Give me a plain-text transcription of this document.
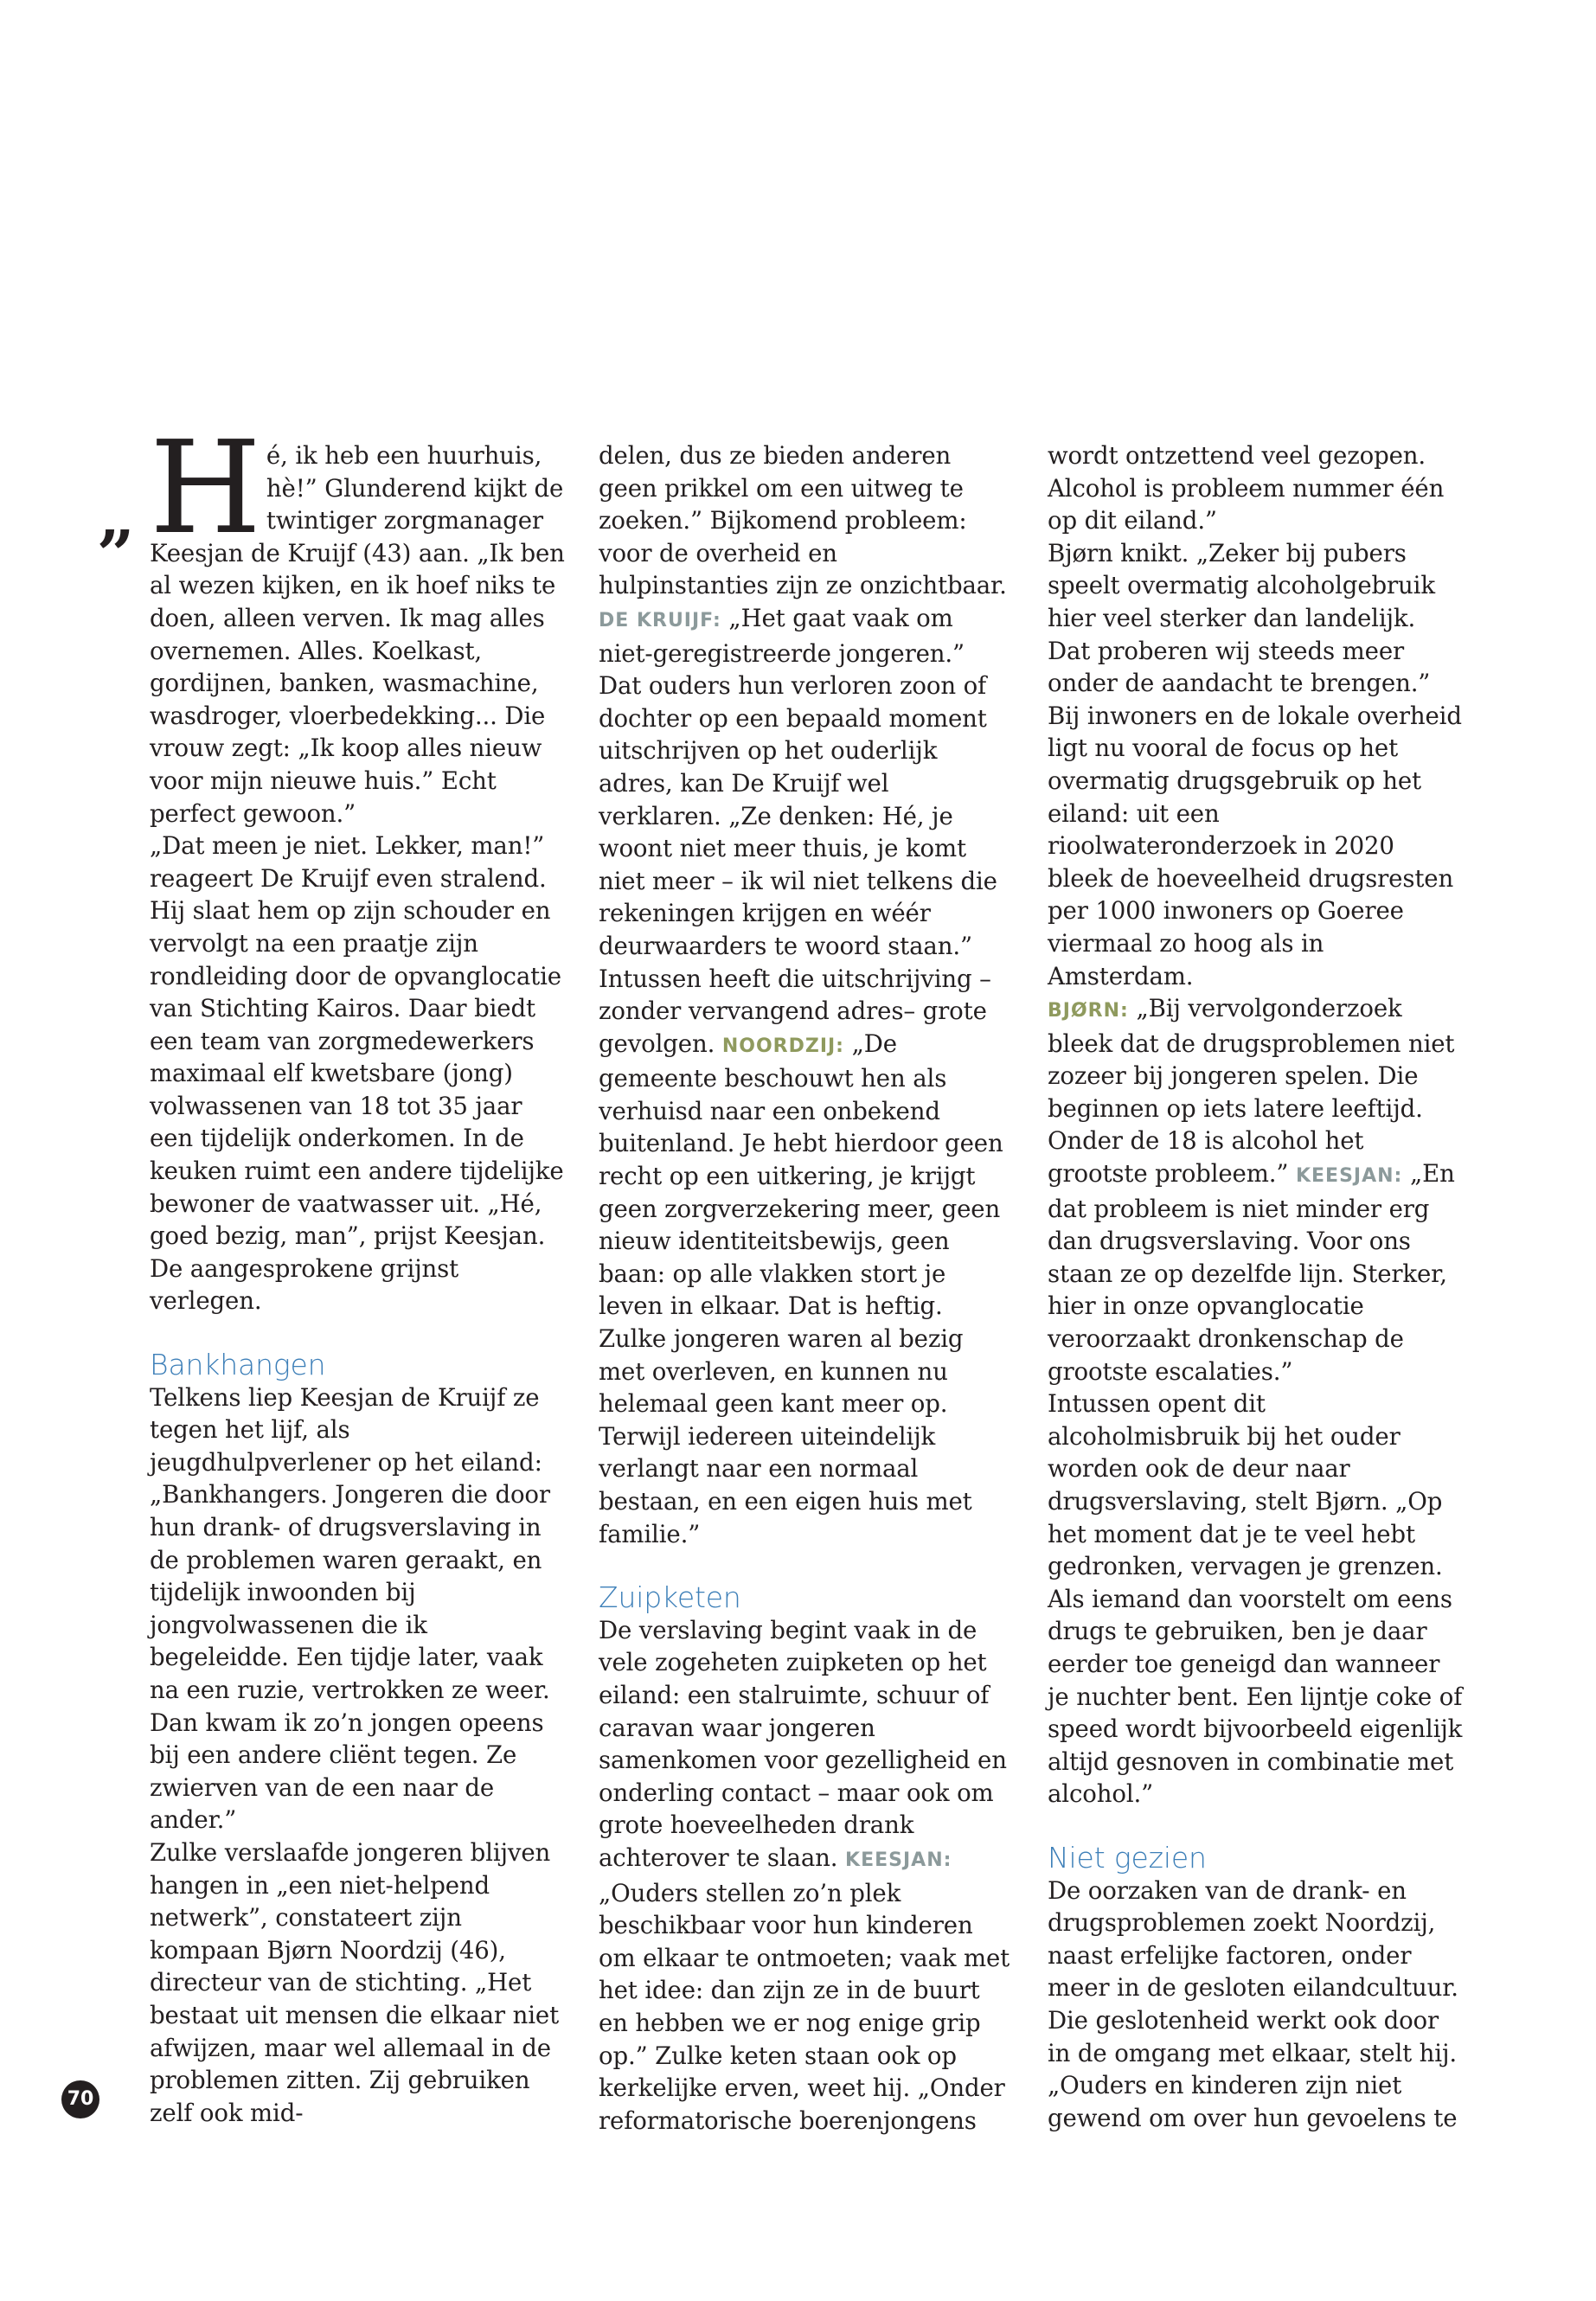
„ H é, ik heb een huurhuis, hè!” Glunderend kijkt de twintiger zorgmanager Keesjan de Kruijf (43) aan. „Ik ben al wezen kijken, en ik hoef niks te doen, alleen verven. Ik mag alles overnemen. Alles. Koelkast, gordijnen, banken, wasmachine, wasdroger, vloerbedekking... Die vrouw zegt: „Ik koop alles nieuw voor mijn nieuwe huis.” Echt perfect gewoon.”

„Dat meen je niet. Lekker, man!” reageert De Kruijf even stralend. Hij slaat hem op zijn schouder en vervolgt na een praatje zijn rondleiding door de opvanglocatie van Stichting Kairos. Daar biedt een team van zorgmedewerkers maximaal elf kwetsbare (jong) volwassenen van 18 tot 35 jaar een tijdelijk onderkomen. In de keuken ruimt een andere tijdelijke bewoner de vaatwasser uit. „Hé, goed bezig, man”, prijst Keesjan. De aangesprokene grijnst verlegen.

Bankhangen

Telkens liep Keesjan de Kruijf ze tegen het lijf, als jeugdhulpverlener op het eiland: „Bankhangers. Jongeren die door hun drank- of drugsverslaving in de problemen waren geraakt, en tijdelijk inwoonden bij jongvolwassenen die ik begeleidde. Een tijdje later, vaak na een ruzie, vertrokken ze weer. Dan kwam ik zo’n jongen opeens bij een andere cliënt tegen. Ze zwierven van de een naar de ander.”

Zulke verslaafde jongeren blijven hangen in „een niet-helpend netwerk”, constateert zijn kompaan Bjørn Noordzij (46), directeur van de stichting. „Het bestaat uit mensen die elkaar niet afwijzen, maar wel allemaal in de problemen zitten. Zij gebruiken zelf ook mid-

delen, dus ze bieden anderen geen prikkel om een uitweg te zoeken.” Bijkomend probleem: voor de overheid en hulpinstanties zijn ze onzichtbaar. DE KRUIJF: „Het gaat vaak om niet-geregistreerde jongeren.”

Dat ouders hun verloren zoon of dochter op een bepaald moment uitschrijven op het ouderlijk adres, kan De Kruijf wel verklaren. „Ze denken: Hé, je woont niet meer thuis, je komt niet meer – ik wil niet telkens die rekeningen krijgen en wéér deurwaarders te woord staan.”

Intussen heeft die uitschrijving –zonder vervangend adres– grote gevolgen. NOORDZIJ: „De gemeente beschouwt hen als verhuisd naar een onbekend buitenland. Je hebt hierdoor geen recht op een uitkering, je krijgt geen zorgverzekering meer, geen nieuw identiteitsbewijs, geen baan: op alle vlakken stort je leven in elkaar. Dat is heftig. Zulke jongeren waren al bezig met overleven, en kunnen nu helemaal geen kant meer op. Terwijl iedereen uiteindelijk verlangt naar een normaal bestaan, en een eigen huis met familie.”

Zuipketen

De verslaving begint vaak in de vele zogeheten zuipketen op het eiland: een stalruimte, schuur of caravan waar jongeren samenkomen voor gezelligheid en onderling contact – maar ook om grote hoeveelheden drank achterover te slaan. KEESJAN: „Ouders stellen zo’n plek beschikbaar voor hun kinderen om elkaar te ontmoeten; vaak met het idee: dan zijn ze in de buurt en hebben we er nog enige grip op.” Zulke keten staan ook op kerkelijke erven, weet hij. „Onder reformatorische boerenjongens

wordt ontzettend veel gezopen. Alcohol is probleem nummer één op dit eiland.”

Bjørn knikt. „Zeker bij pubers speelt overmatig alcoholgebruik hier veel sterker dan landelijk. Dat proberen wij steeds meer onder de aandacht te brengen.” Bij inwoners en de lokale overheid ligt nu vooral de focus op het overmatig drugsgebruik op het eiland: uit een rioolwateronderzoek in 2020 bleek de hoeveelheid drugsresten per 1000 inwoners op Goeree viermaal zo hoog als in Amsterdam.

BJØRN: „Bij vervolgonderzoek bleek dat de drugsproblemen niet zozeer bij jongeren spelen. Die beginnen op iets latere leeftijd. Onder de 18 is alcohol het grootste probleem.” KEESJAN: „En dat probleem is niet minder erg dan drugsverslaving. Voor ons staan ze op dezelfde lijn. Sterker, hier in onze opvanglocatie veroorzaakt dronkenschap de grootste escalaties.”

Intussen opent dit alcoholmisbruik bij het ouder worden ook de deur naar drugsverslaving, stelt Bjørn. „Op het moment dat je te veel hebt gedronken, vervagen je grenzen. Als iemand dan voorstelt om eens drugs te gebruiken, ben je daar eerder toe geneigd dan wanneer je nuchter bent. Een lijntje coke of speed wordt bijvoorbeeld eigenlijk altijd gesnoven in combinatie met alcohol.”

Niet gezien

De oorzaken van de drank- en drugsproblemen zoekt Noordzij, naast erfelijke factoren, onder meer in de gesloten eilandcultuur. Die geslotenheid werkt ook door in de omgang met elkaar, stelt hij. „Ouders en kinderen zijn niet gewend om over hun gevoelens te

70
